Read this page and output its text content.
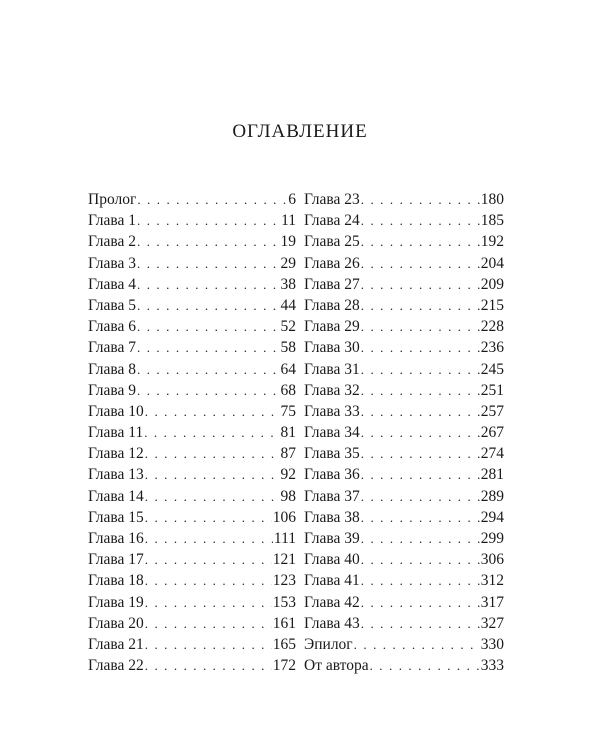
оглавление
Пролог . . .	6
Глава 1 . . .	11
Глава 2 . . .	19
Глава 3 . . .	29
Глава 4 . . .	38
Глава 5 . . .	44
Глава 6 . . .	52
Глава 7 . . .	58
Глава 8 . . .	64
Глава 9 . . .	68
Глава 10 . . .	75
Глава 11 . . .	81
Глава 12 . . .	87
Глава 13 . . .	92
Глава 14 . . .	98
Глава 15 . . .	106
Глава 16 . . .	111
Глава 17 . . .	121
Глава 18 . . .	123
Глава 19 . . .	153
Глава 20 . . .	161
Глава 21 . . .	165
Глава 22 . . .	172
Глава 23 . . .	180
Глава 24 . . .	185
Глава 25 . . .	192
Глава 26 . . .	204
Глава 27 . . .	209
Глава 28 . . .	215
Глава 29 . . .	228
Глава 30 . . .	236
Глава 31 . . .	245
Глава 32 . . .	251
Глава 33 . . .	257
Глава 34 . . .	267
Глава 35 . . .	274
Глава 36 . . .	281
Глава 37 . . .	289
Глава 38 . . .	294
Глава 39 . . .	299
Глава 40 . . .	306
Глава 41 . . .	312
Глава 42 . . .	317
Глава 43 . . .	327
Эпилог . . .	330
От автора . . .	333
